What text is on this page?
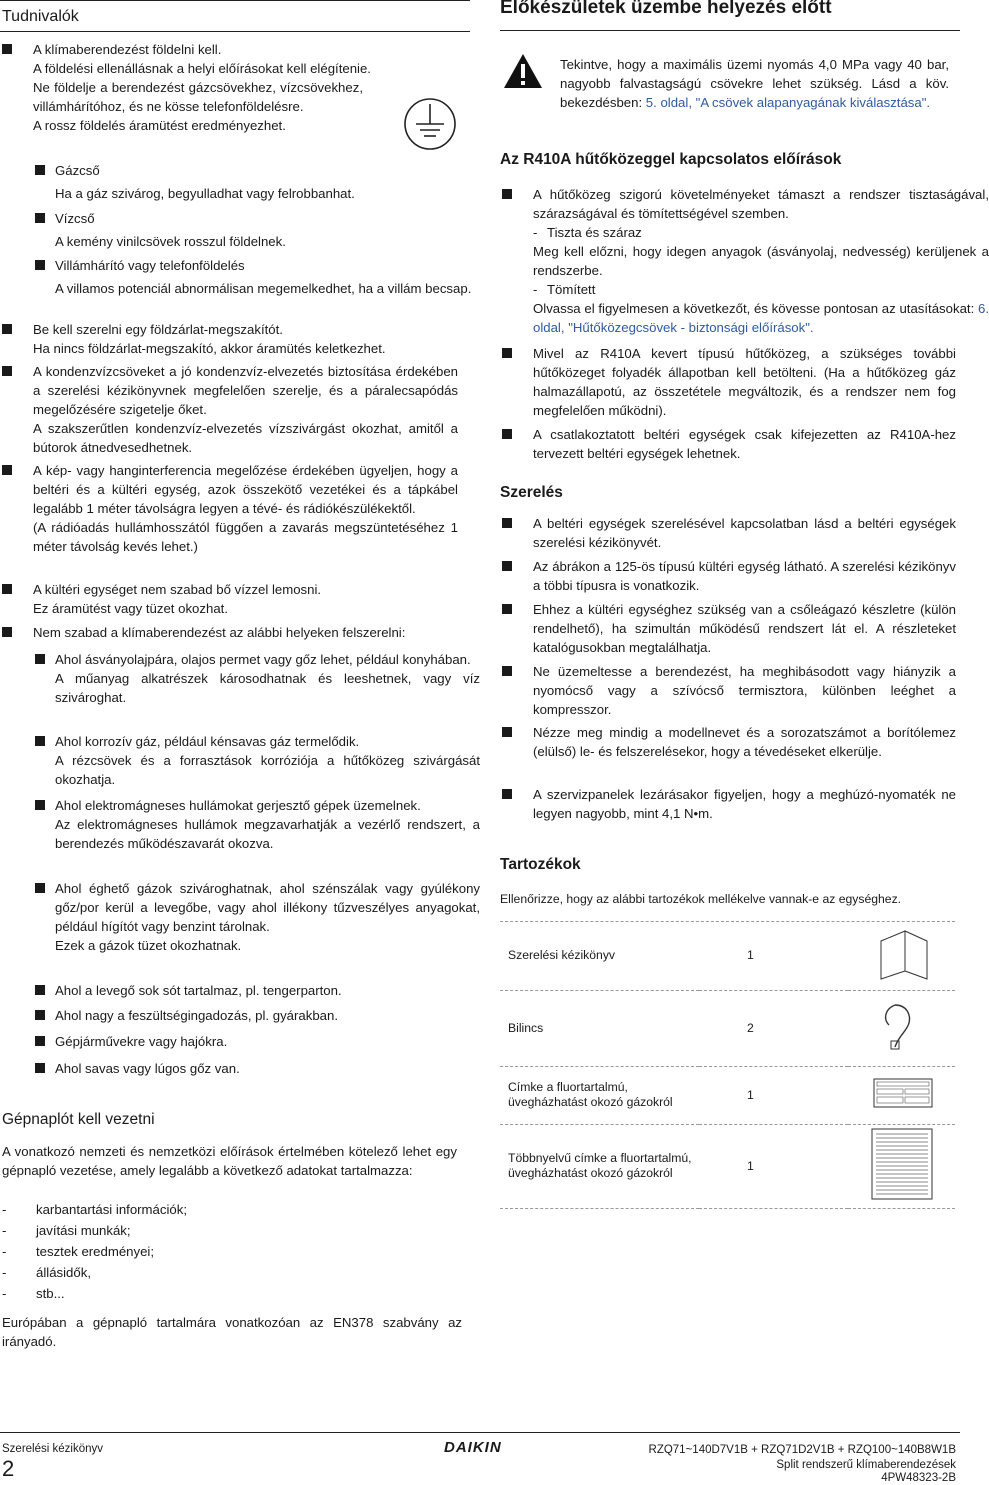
Tudnivalók
A klímaberendezést földelni kell.
A földelési ellenállásnak a helyi előírásokat kell elégítenie.
Ne földelje a berendezést gázcsövekhez, vízcsövekhez, villámhárítóhoz, és ne kösse telefonföldelésre.
A rossz földelés áramütést eredményezhet.
Gázcső
Ha a gáz szivárog, begyulladhat vagy felrobbanhat.
Vízcső
A kemény vinilcsövek rosszul földelnek.
Villámhárító vagy telefonföldelés
A villamos potenciál abnormálisan megemelkedhet, ha a villám becsap.
Be kell szerelni egy földzárlat-megszakítót.
Ha nincs földzárlat-megszakító, akkor áramütés keletkezhet.
A kondenzvízcsöveket a jó kondenzvíz-elvezetés biztosítása érdekében a szerelési kézikönyvnek megfelelően szerelje, és a páralecsapódás megelőzésére szigetelje őket.
A szakszerűtlen kondenzvíz-elvezetés vízszivárgást okozhat, amitől a bútorok átnedvesedhetnek.
A kép- vagy hanginterferencia megelőzése érdekében ügyeljen, hogy a beltéri és a kültéri egység, azok összekötő vezetékei és a tápkábel legalább 1 méter távolságra legyen a tévé- és rádiókészülékektől.
(A rádióadás hullámhosszától függően a zavarás megszüntetéséhez 1 méter távolság kevés lehet.)
A kültéri egységet nem szabad bő vízzel lemosni.
Ez áramütést vagy tüzet okozhat.
Nem szabad a klímaberendezést az alábbi helyeken felszerelni:
Ahol ásványolajpára, olajos permet vagy gőz lehet, például konyhában.
A műanyag alkatrészek károsodhatnak és leeshetnek, vagy víz szivároghat.
Ahol korrozív gáz, például kénsavas gáz termelődik.
A rézcsövek és a forrasztások korróziója a hűtőközeg szivárgását okozhatja.
Ahol elektromágneses hullámokat gerjesztő gépek üzemelnek.
Az elektromágneses hullámok megzavarhatják a vezérlő rendszert, a berendezés működészavarát okozva.
Ahol éghető gázok szivároghatnak, ahol szénszálak vagy gyúlékony gőz/por kerül a levegőbe, vagy ahol illékony tűzveszélyes anyagokat, például hígítót vagy benzint tárolnak.
Ezek a gázok tüzet okozhatnak.
Ahol a levegő sok sót tartalmaz, pl. tengerparton.
Ahol nagy a feszültségingadozás, pl. gyárakban.
Gépjárművekre vagy hajókra.
Ahol savas vagy lúgos gőz van.
Gépnaplót kell vezetni
A vonatkozó nemzeti és nemzetközi előírások értelmében kötelező lehet egy gépnapló vezetése, amely legalább a következő adatokat tartalmazza:
- karbantartási információk;
- javítási munkák;
- tesztek eredményei;
- állásidők,
- stb...
Európában a gépnapló tartalmára vonatkozóan az EN378 szabvány az irányadó.
Előkészületek üzembe helyezés előtt
Tekintve, hogy a maximális üzemi nyomás 4,0 MPa vagy 40 bar, nagyobb falvastagságú csövekre lehet szükség. Lásd a köv. bekezdésben: 5. oldal, "A csövek alapanyagának kiválasztása".
Az R410A hűtőközeggel kapcsolatos előírások
A hűtőközeg szigorú követelményeket támaszt a rendszer tisztaságával, szárazságával és tömítettségével szemben.
- Tiszta és száraz
Meg kell előzni, hogy idegen anyagok (ásványolaj, nedvesség) kerüljenek a rendszerbe.
- Tömített
Olvassa el figyelmesen a következőt, és kövesse pontosan az utasításokat: 6. oldal, "Hűtőközegcsövek - biztonsági előírások".
Mivel az R410A kevert típusú hűtőközeg, a szükséges további hűtőközeget folyadék állapotban kell betölteni. (Ha a hűtőközeg gáz halmazállapotú, az összetétele megváltozik, és a rendszer nem fog megfelelően működni).
A csatlakoztatott beltéri egységek csak kifejezetten az R410A-hez tervezett beltéri egységek lehetnek.
Szerelés
A beltéri egységek szerelésével kapcsolatban lásd a beltéri egységek szerelési kézikönyvét.
Az ábrákon a 125-ös típusú kültéri egység látható. A szerelési kézikönyv a többi típusra is vonatkozik.
Ehhez a kültéri egységhez szükség van a csőleágazó készletre (külön rendelhető), ha szimultán működésű rendszert lát el. A részleteket katalógusokban megtalálhatja.
Ne üzemeltesse a berendezést, ha meghibásodott vagy hiányzik a nyomócső vagy a szívócső termisztora, különben leéghet a kompresszor.
Nézze meg mindig a modellnevet és a sorozatszámot a borítólemez (elülső) le- és felszerelésekor, hogy a tévedéseket elkerülje.
A szervizpanelek lezárásakor figyeljen, hogy a meghúzó-nyomaték ne legyen nagyobb, mint 4,1 N•m.
Tartozékok
Ellenőrizze, hogy az alábbi tartozékok mellékelve vannak-e az egységhez.
Szerelési kézikönyv	1	
Bilincs	2	
Címke a fluortartalmú, üvegházhatást okozó gázokról	1	
Többnyelvű címke a fluortartalmú, üvegházhatást okozó gázokról	1	
Szerelési kézikönyv
2
DAIKIN	RZQ71~140D7V1B + RZQ71D2V1B + RZQ100~140B8W1B
Split rendszerű klímaberendezések
4PW48323-2B
